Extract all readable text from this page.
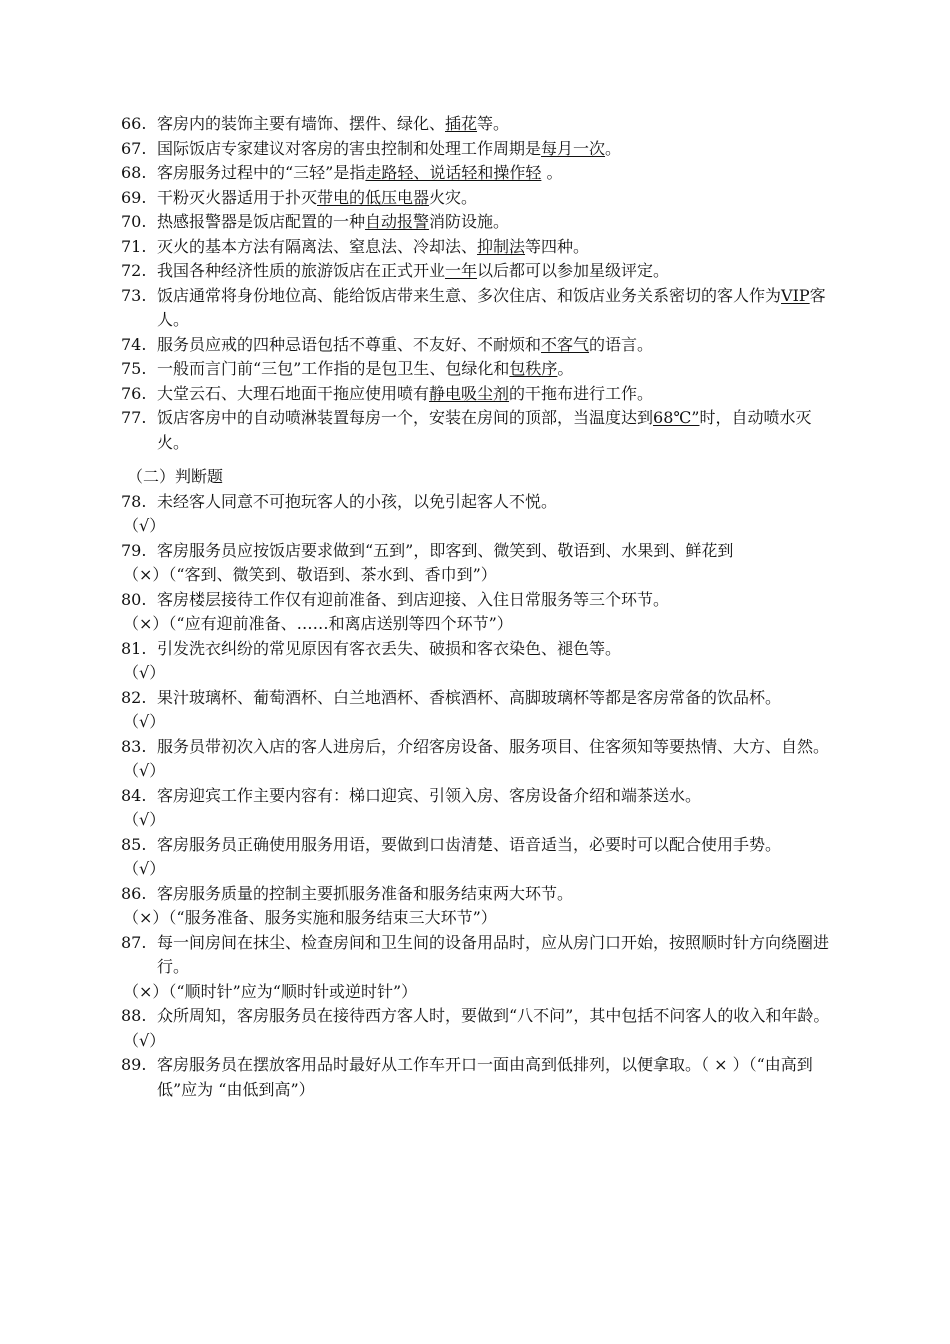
66. 客房内的装饰主要有墙饰、摆件、绿化、插花等。
67. 国际饭店专家建议对客房的害虫控制和处理工作周期是每月一次。
68. 客房服务过程中的“三轻”是指走路轻、说话轻和操作轻 。
69. 干粉灭火器适用于扑灭带电的低压电器火灾。
70. 热感报警器是饭店配置的一种自动报警消防设施。
71. 灭火的基本方法有隔离法、窒息法、冷却法、抑制法等四种。
72. 我国各种经济性质的旅游饭店在正式开业一年以后都可以参加星级评定。
73. 饭店通常将身份地位高、能给饭店带来生意、多次住店、和饭店业务关系密切的客人作为VIP客人。
74. 服务员应戒的四种忌语包括不尊重、不友好、不耐烦和不客气的语言。
75. 一般而言门前“三包”工作指的是包卫生、包绿化和包秩序。
76. 大堂云石、大理石地面干拖应使用喷有静电吸尘剂的干拖布进行工作。
77. 饭店客房中的自动喷淋装置每房一个，安装在房间的顶部，当温度达到68℃”时，自动喷水灭火。
（二）判断题
78. 未经客人同意不可抱玩客人的小孩，以免引起客人不悦。
（√）
79. 客房服务员应按饭店要求做到“五到”，即客到、微笑到、敬语到、水果到、鲜花到
（×）（“客到、微笑到、敬语到、茶水到、香巾到”）
80. 客房楼层接待工作仅有迎前准备、到店迎接、入住日常服务等三个环节。
（×）（“应有迎前准备、……和离店送别等四个环节”）
81. 引发洗衣纠纷的常见原因有客衣丢失、破损和客衣染色、褪色等。
（√）
82. 果汁玻璃杯、葡萄酒杯、白兰地酒杯、香槟酒杯、高脚玻璃杯等都是客房常备的饮品杯。
（√）
83. 服务员带初次入店的客人进房后，介绍客房设备、服务项目、住客须知等要热情、大方、自然。
（√）
84. 客房迎宾工作主要内容有：梯口迎宾、引领入房、客房设备介绍和端茶送水。
（√）
85. 客房服务员正确使用服务用语，要做到口齿清楚、语音适当，必要时可以配合使用手势。
（√）
86. 客房服务质量的控制主要抓服务准备和服务结束两大环节。
（×）（“服务准备、服务实施和服务结束三大环节”）
87. 每一间房间在抹尘、检查房间和卫生间的设备用品时，应从房门口开始，按照顺时针方向绕圈进行。
（×）（“顺时针”应为“顺时针或逆时针”）
88. 众所周知，客房服务员在接待西方客人时，要做到“八不问”，其中包括不问客人的收入和年龄。
（√）
89. 客房服务员在摆放客用品时最好从工作车开口一面由高到低排列，以便拿取。（ × ）（“由高到低”应为 “由低到高”）
